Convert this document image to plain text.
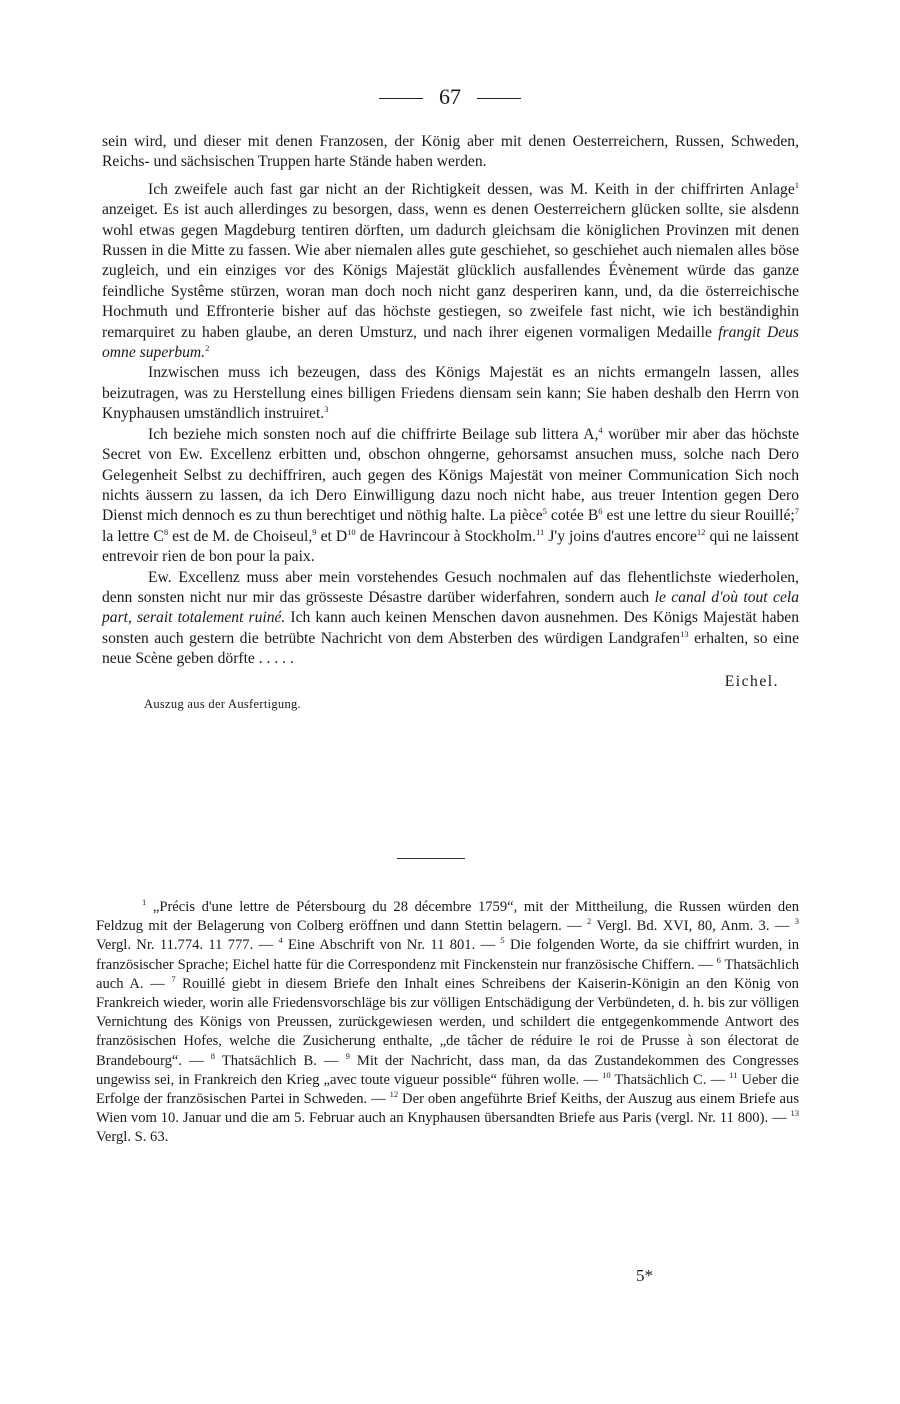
67

sein wird, und dieser mit denen Franzosen, der König aber mit denen Oesterreichern, Russen, Schweden, Reichs- und sächsischen Truppen harte Stände haben werden.

Ich zweifele auch fast gar nicht an der Richtigkeit dessen, was M. Keith in der chiffrirten Anlage$^1$ anzeiget. Es ist auch allerdinges zu besorgen, dass, wenn es denen Oesterreichern glücken sollte, sie alsdenn wohl etwas gegen Magdeburg tentiren dörften, um dadurch gleichsam die königlichen Provinzen mit denen Russen in die Mitte zu fassen. Wie aber niemalen alles gute geschiehet, so geschiehet auch niemalen alles böse zugleich, und ein einziges vor des Königs Majestät glücklich ausfallendes Évènement würde das ganze feindliche Systême stürzen, woran man doch noch nicht ganz desperiren kann, und, da die österreichische Hochmuth und Effronterie bisher auf das höchste gestiegen, so zweifele fast nicht, wie ich beständighin remarquiret zu haben glaube, an deren Umsturz, und nach ihrer eigenen vormaligen Medaille frangit Deus omne superbum.$^2$

Inzwischen muss ich bezeugen, dass des Königs Majestät es an nichts ermangeln lassen, alles beizutragen, was zu Herstellung eines billigen Friedens diensam sein kann; Sie haben deshalb den Herrn von Knyphausen umständlich instruiret.$^3$

Ich beziehe mich sonsten noch auf die chiffrirte Beilage sub littera A,$^4$ worüber mir aber das höchste Secret von Ew. Excellenz erbitten und, obschon ohngerne, gehorsamst ansuchen muss, solche nach Dero Gelegenheit Selbst zu dechiffriren, auch gegen des Königs Majestät von meiner Communication Sich noch nichts äussern zu lassen, da ich Dero Einwilligung dazu noch nicht habe, aus treuer Intention gegen Dero Dienst mich dennoch es zu thun berechtiget und nöthig halte. La pièce$^5$ cotée $B^6$ est une lettre du sieur Rouillé;$^7$ la lettre $C^8$ est de M. de Choiseul,$^9$ et $D^{10}$ de Havrincour à Stockholm.$^{11}$ J'y joins d'autres encore$^{12}$ qui ne laissent entrevoir rien de bon pour la paix.

Ew. Excellenz muss aber mein vorstehendes Gesuch nochmalen auf das flehentlichste wiederholen, denn sonsten nicht nur mir das grösseste Désastre darüber widerfahren, sondern auch le canal d'où tout cela part, serait totalement ruiné. Ich kann auch keinen Menschen davon ausnehmen. Des Königs Majestät haben sonsten auch gestern die betrübte Nachricht von dem Absterben des würdigen Landgrafen$^{13}$ erhalten, so eine neue Scène geben dörfte . . . . .

Eichel.
Auszug aus der Ausfertigung.

$^1$ „Précis d'une lettre de Pétersbourg du 28 décembre 1759“, mit der Mittheilung, die Russen würden den Feldzug mit der Belagerung von Colberg eröffnen und dann Stettin belagern. — $^2$ Vergl. Bd. XVI, 80, Anm. 3. — $^3$ Vergl. Nr. 11.774. 11 777. — $^4$ Eine Abschrift von Nr. 11 801. — $^5$ Die folgenden Worte, da sie chiffrirt wurden, in französischer Sprache; Eichel hatte für die Correspondenz mit Finckenstein nur französische Chiffern. — $^6$ Thatsächlich auch A. — $^7$ Rouillé giebt in diesem Briefe den Inhalt eines Schreibens der Kaiserin-Königin an den König von Frankreich wieder, worin alle Friedensvorschläge bis zur völligen Entschädigung der Verbündeten, d. h. bis zur völligen Vernichtung des Königs von Preussen, zurückgewiesen werden, und schildert die entgegenkommende Antwort des französischen Hofes, welche die Zusicherung enthalte, „de tâcher de réduire le roi de Prusse à son électorat de Brandebourg“. — $^8$ Thatsächlich B. — $^9$ Mit der Nachricht, dass man, da das Zustandekommen des Congresses ungewiss sei, in Frankreich den Krieg „avec toute vigueur possible“ führen wolle. — $^{10}$ Thatsächlich C. — $^{11}$ Ueber die Erfolge der französischen Partei in Schweden. — $^{12}$ Der oben angeführte Brief Keiths, der Auszug aus einem Briefe aus Wien vom 10. Januar und die am 5. Februar auch an Knyphausen übersandten Briefe aus Paris (vergl. Nr. 11 800). — $^{13}$ Vergl. S. 63.

5*
